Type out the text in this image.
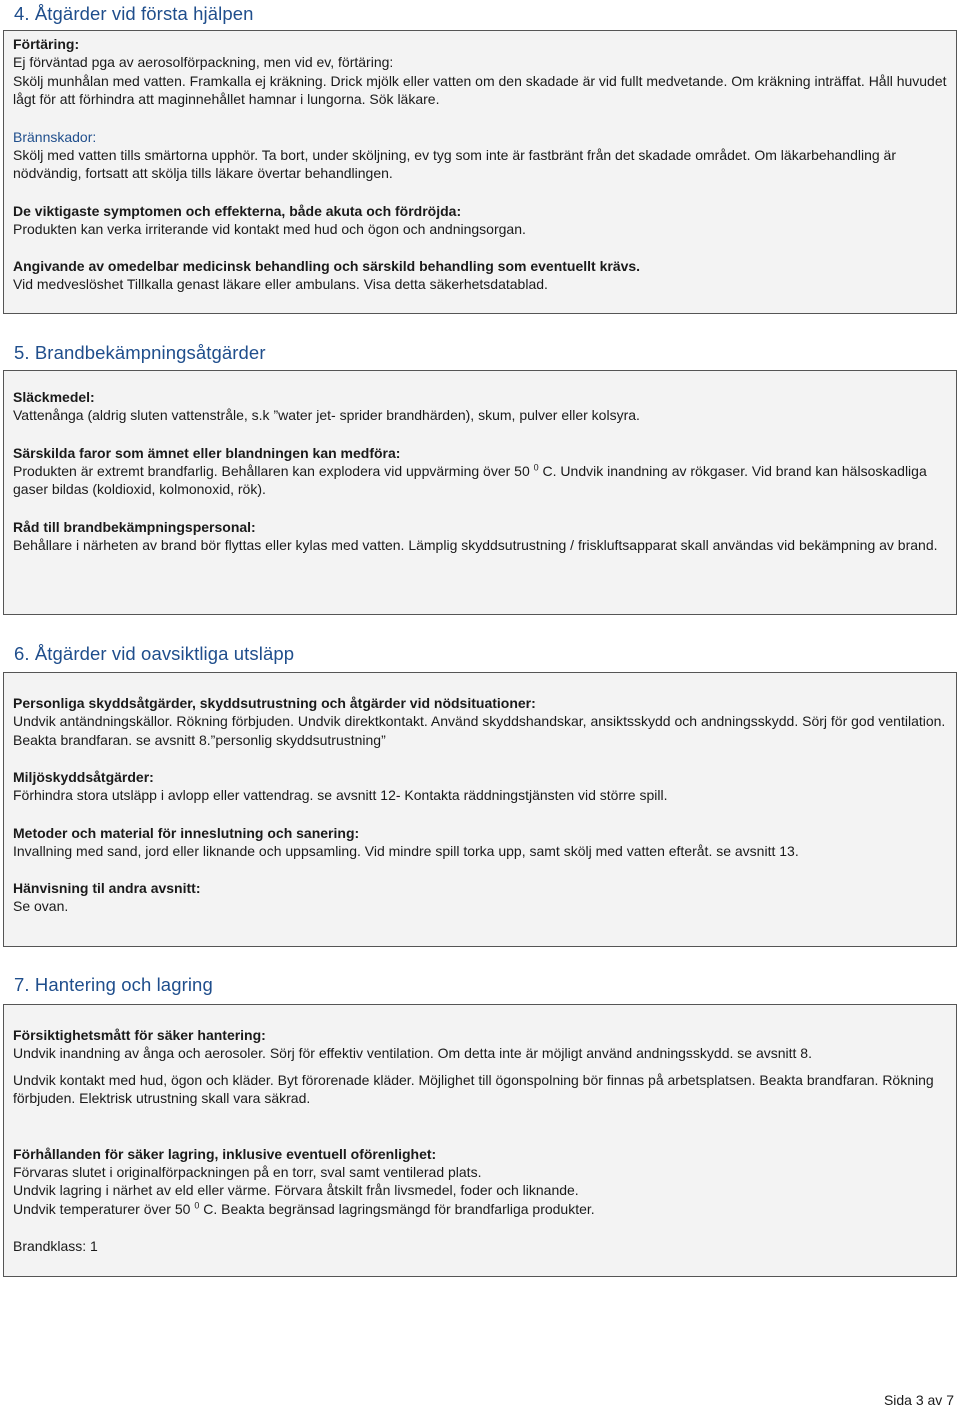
4. Åtgärder vid första hjälpen

Förtäring:

Ej förväntad pga av aerosolförpackning, men vid ev, förtäring:

Skölj munhålan med vatten. Framkalla ej kräkning. Drick mjölk eller vatten om den skadade är vid fullt medvetande. Om kräkning inträffat. Håll huvudet lågt för att förhindra att maginnehållet hamnar i lungorna. Sök läkare.

Brännskador:

Skölj med vatten tills smärtorna upphör. Ta bort, under sköljning, ev tyg som inte är fastbränt från det skadade området. Om läkarbehandling är nödvändig, fortsatt att skölja tills läkare övertar behandlingen.

De viktigaste symptomen och effekterna, både akuta och fördröjda:

Produkten kan verka irriterande vid kontakt med hud och ögon och andningsorgan.

Angivande av omedelbar medicinsk behandling och särskild behandling som eventuellt krävs.

Vid medveslöshet Tillkalla genast läkare eller ambulans. Visa detta säkerhetsdatablad.

5. Brandbekämpningsåtgärder

Släckmedel:

Vattenånga (aldrig sluten vattenstråle, s.k ”water jet- sprider brandhärden), skum, pulver eller kolsyra.

Särskilda faror som ämnet eller blandningen kan medföra:

Produkten är extremt brandfarlig. Behållaren kan explodera vid uppvärming över 50 $^0$ C. Undvik inandning av rökgaser. Vid brand kan hälsoskadliga gaser bildas (koldioxid, kolmonoxid, rök).

Råd till brandbekämpningspersonal:

Behållare i närheten av brand bör flyttas eller kylas med vatten. Lämplig skyddsutrustning / friskluftsapparat skall användas vid bekämpning av brand.

6. Åtgärder vid oavsiktliga utsläpp

Personliga skyddsåtgärder, skyddsutrustning och åtgärder vid nödsituationer:

Undvik antändningskällor. Rökning förbjuden. Undvik direktkontakt. Använd skyddshandskar, ansiktsskydd och andningsskydd. Sörj för god ventilation. Beakta brandfaran. se avsnitt 8.”personlig skyddsutrustning”

Miljöskyddsåtgärder:

Förhindra stora utsläpp i avlopp eller vattendrag. se avsnitt 12- Kontakta räddningstjänsten vid större spill.

Metoder och material för inneslutning och sanering:

Invallning med sand, jord eller liknande och uppsamling. Vid mindre spill torka upp, samt skölj med vatten efteråt. se avsnitt 13.

Hänvisning til andra avsnitt:

Se ovan.

7. Hantering och lagring

Försiktighetsmått för säker hantering:

Undvik inandning av ånga och aerosoler. Sörj för effektiv ventilation. Om detta inte är möjligt använd andningsskydd. se avsnitt 8.

Undvik kontakt med hud, ögon och kläder. Byt förorenade kläder. Möjlighet till ögonspolning bör finnas på arbetsplatsen. Beakta brandfaran. Rökning förbjuden. Elektrisk utrustning skall vara säkrad.

Förhållanden för säker lagring, inklusive eventuell oförenlighet:

Förvaras slutet i originalförpackningen på en torr, sval samt ventilerad plats.

Undvik lagring i närhet av eld eller värme. Förvara åtskilt från livsmedel, foder och liknande.

Undvik temperaturer över 50 $^0$ C. Beakta begränsad lagringsmängd för brandfarliga produkter.

Brandklass: 1

Sida 3 av 7
